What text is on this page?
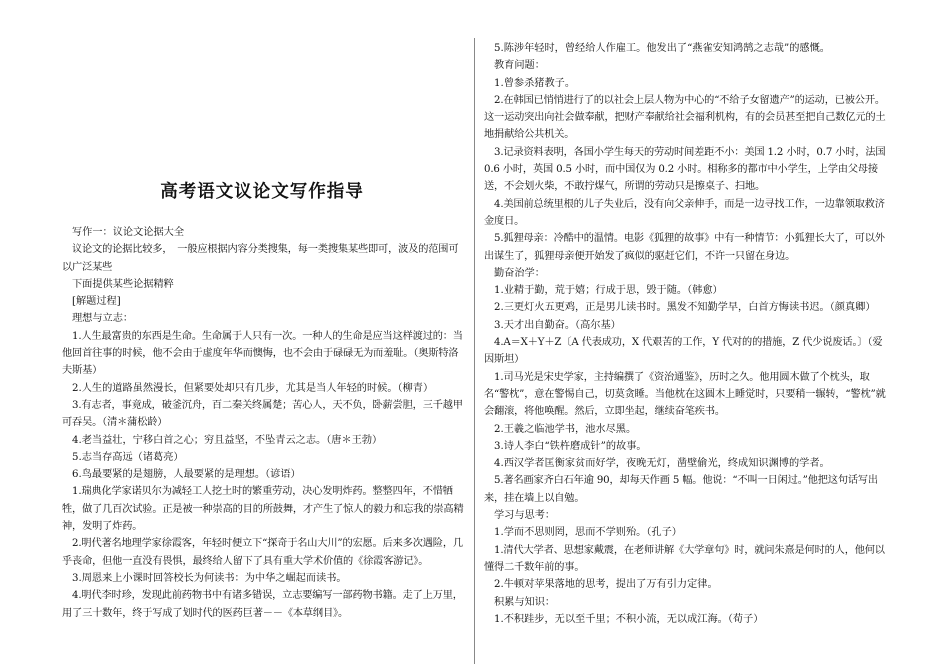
高考语文议论文写作指导

写作一：议论文论据大全

议论文的论据比较多，　一般应根据内容分类搜集，每一类搜集某些即可，波及的范围可以广泛某些

下面提供某些论据精粹

[解题过程]

理想与立志：

1.人生最富贵的东西是生命。生命属于人只有一次。一种人的生命是应当这样渡过的：当他回首往事的时候，他不会由于虚度年华而懊悔，也不会由于碌碌无为而羞耻。（奥斯特洛夫斯基）

2.人生的道路虽然漫长，但紧要处却只有几步，尤其是当人年轻的时候。（柳青）

3.有志者，事竟成，破釜沉舟，百二秦关终属楚；苦心人，天不负，卧薪尝胆，三千越甲可吞吴。（清＊蒲松龄）

4.老当益壮，宁移白首之心；穷且益坚，不坠青云之志。（唐＊王勃）

5.志当存高远（诸葛亮）

6.鸟最要紧的是翅膀，人最要紧的是理想。（谚语）

1.瑞典化学家诺贝尔为减轻工人挖土时的繁重劳动，决心发明炸药。整整四年，不惜牺牲，做了几百次试验。正是被一种崇高的目的所鼓舞，才产生了惊人的毅力和忘我的崇高精神，发明了炸药。

2.明代著名地理学家徐霞客，年轻时便立下“探奇于名山大川”的宏愿。后来多次遇险，几乎丧命，但他一直没有畏惧，最终给人留下了具有重大学术价值的《徐霞客游记》。

3.周恩来上小课时回答校长为何读书：为中华之崛起而读书。

4.明代李时珍，发现此前药物书中有诸多错误，立志要编写一部药物书籍。走了上万里，用了三十数年，终于写成了划时代的医药巨著－－《本草纲目》。

5.陈涉年轻时，曾经给人作雇工。他发出了“燕雀安知鸿鹄之志哉”的感慨。

教育问题：

1.曾参杀猪教子。

2.在韩国已悄悄进行了的以社会上层人物为中心的“不给子女留遗产”的运动，已被公开。这一运动突出向社会做奉献，把财产奉献给社会福利机构，有的会员甚至把自己数亿元的土地捐献给公共机关。

3.记录资料表明，各国小学生每天的劳动时间差距不小：美国 1.2 小时，0.7 小时，法国 0.6 小时，英国 0.5 小时，而中国仅为 0.2 小时。相称多的都市中小学生，上学由父母接送，不会划火柴，不敢拧煤气，所谓的劳动只是擦桌子、扫地。

4.美国前总统里根的儿子失业后，没有向父亲伸手，而是一边寻找工作，一边靠领取救济金度日。

5.狐狸母亲：冷酷中的温情。电影《狐狸的故事》中有一种情节：小狐狸长大了，可以外出谋生了，狐狸母亲便开始发了疯似的驱赶它们，不许一只留在身边。

勤奋治学：

1.业精于勤，荒于嬉；行成于思，毁于随。（韩愈）

2.三更灯火五更鸡，正是男儿读书时。黑发不知勤学早，白首方悔读书迟。（颜真卿）

3.天才出自勤奋。（高尔基）

4.A＝X＋Y＋Z〔A 代表成功，X 代艰苦的工作，Y 代对的的措施，Z 代少说废话。〕（爱因斯坦）

1.司马光是宋史学家，主持编撰了《资治通鉴》，历时之久。他用圆木做了个枕头，取名“警枕”，意在警惕自己，切莫贪睡。当他枕在这圆木上睡觉时，只要稍一辗转，“警枕”就会翻滚，将他唤醒。然后，立即坐起，继续奋笔疾书。

2.王羲之临池学书，池水尽黑。

3.诗人李白“铁杵磨成针”的故事。

4.西汉学者匡衡家贫而好学，夜晚无灯，凿壁偷光，终成知识渊博的学者。

5.著名画家齐白石年逾 90，却每天作画 5 幅。他说：“不叫一日闲过。”他把这句话写出来，挂在墙上以自勉。

学习与思考：

1.学而不思则罔，思而不学则殆。（孔子）

1.清代大学者、思想家戴震，在老师讲解《大学章句》时，就问朱熹是何时的人，他何以懂得二千数年前的事。

2.牛顿对苹果落地的思考，提出了万有引力定律。

积累与知识：

1.不积跬步，无以至千里；不积小流，无以成江海。（荀子）
